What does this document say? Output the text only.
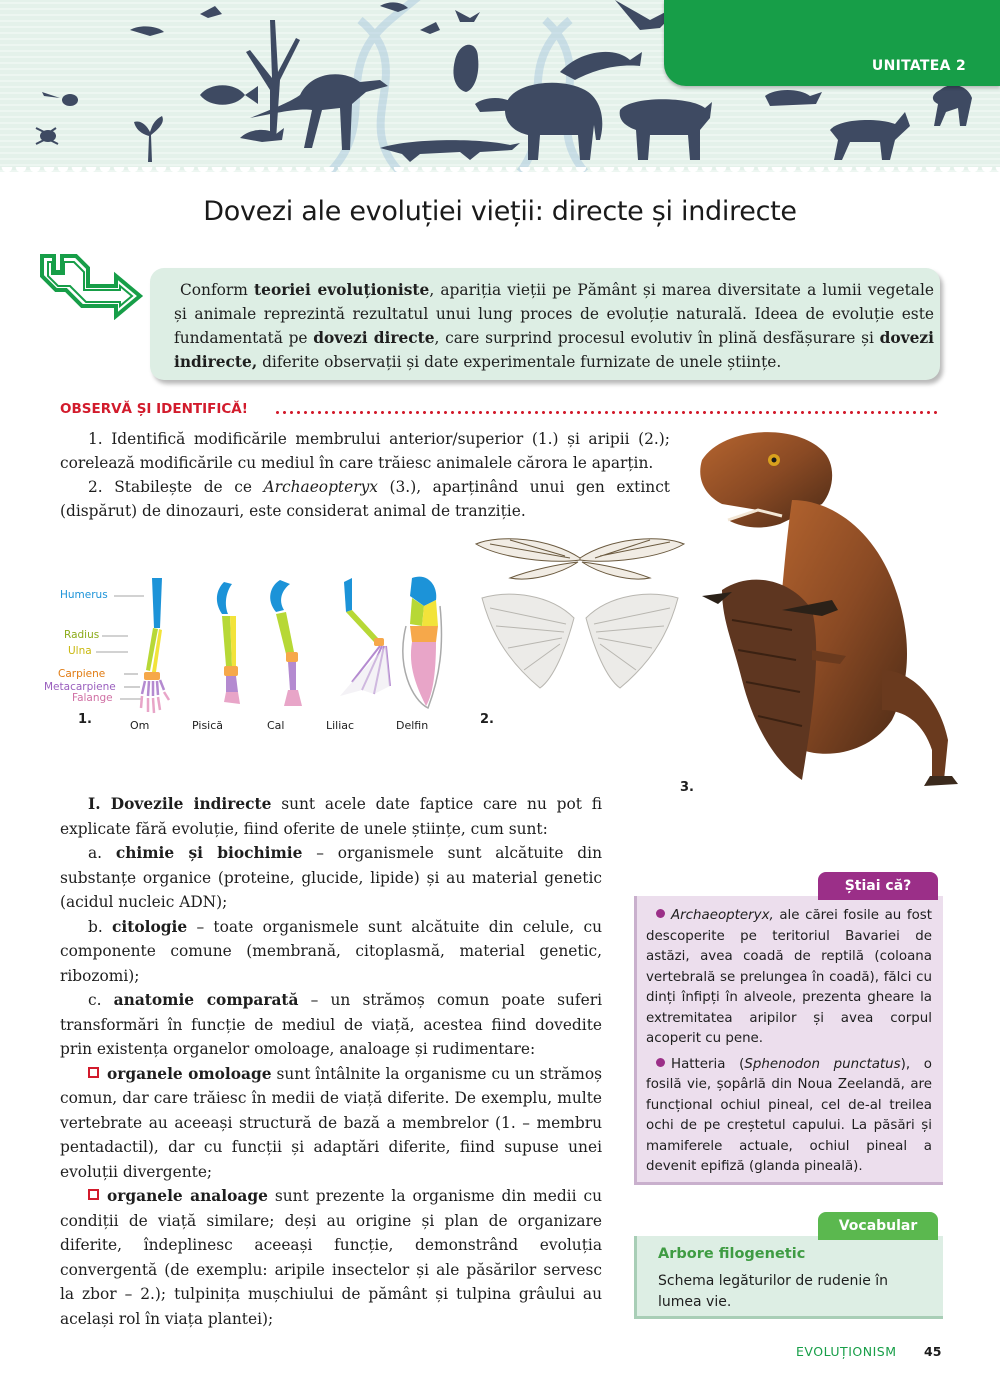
UNITATEA 2
Dovezi ale evoluției vieții: directe și indirecte
Conform teoriei evoluționiste, apariția vieții pe Pământ și marea diversitate a lumii vegetale și animale reprezintă rezultatul unui lung proces de evoluție naturală. Ideea de evoluție este fundamentată pe dovezi directe, care surprind procesul evolutiv în plină desfășurare și dovezi indirecte, diferite observații și date experimentale furnizate de unele științe.
OBSERVĂ ȘI IDENTIFICĂ!
1. Identifică modificările membrului anterior/superior (1.) și aripii (2.); corelează modificările cu mediul în care trăiesc animalele cărora le aparțin.
2. Stabilește de ce Archaeopteryx (3.), aparținând unui gen extinct (dispărut) de dinozauri, este considerat animal de tranziție.
Humerus
Radius
Ulna
Carpiene
Metacarpiene
Falange
1.	Om	Pisică	Cal	Liliac	Delfin	2.
3.

I. Dovezile indirecte sunt acele date faptice care nu pot fi explicate fără evoluție, fiind oferite de unele științe, cum sunt:

a. chimie și biochimie – organismele sunt alcătuite din substanțe organice (proteine, glucide, lipide) și au material genetic (acidul nucleic ADN);

b. citologie – toate organismele sunt alcătuite din celule, cu componente comune (membrană, citoplasmă, material genetic, ribozomi);

c. anatomie comparată – un strămoș comun poate suferi transformări în funcție de mediul de viață, acestea fiind dovedite prin existența organelor omoloage, analoage și rudimentare:

organele omoloage sunt întâlnite la organisme cu un strămoș comun, dar care trăiesc în medii de viață diferite. De exemplu, multe vertebrate au aceeași structură de bază a membrelor (1. – membru pentadactil), dar cu funcții și adaptări diferite, fiind supuse unei evoluții divergente;

organele analoage sunt prezente la organisme din medii cu condiții de viață similare; deși au origine și plan de organizare diferite, îndeplinesc aceeași funcție, demonstrând evoluția convergentă (de exemplu: aripile insectelor și ale păsărilor servesc la zbor – 2.); tulpinița mușchiului de pământ și tulpina grâului au același rol în viața plantei);

Știai că?

Archaeopteryx, ale cărei fosile au fost descoperite pe teritoriul Bavariei de astăzi, avea coadă de reptilă (coloana vertebrală se prelungea în coadă), fălci cu dinți înfipți în alveole, prezenta gheare la extremitatea aripilor și avea corpul acoperit cu pene.

Hatteria (Sphenodon punctatus), o fosilă vie, șopârlă din Noua Zeelandă, are funcțional ochiul pineal, cel de-al treilea ochi de pe creștetul capului. La păsări și mamiferele actuale, ochiul pineal a devenit epifiză (glanda pineală).

Vocabular
Arbore filogenetic
Schema legăturilor de rudenie în lumea vie.
EVOLUȚIONISM 45
